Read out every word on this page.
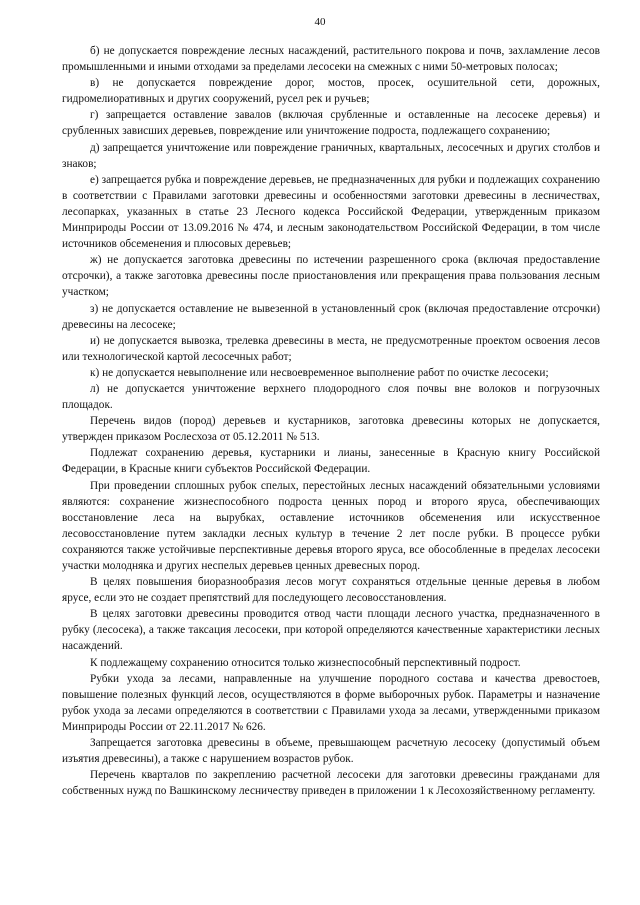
40

б) не допускается повреждение лесных насаждений, растительного покрова и почв, захламление лесов промышленными и иными отходами за пределами лесосеки на смежных с ними 50-метровых полосах;

в) не допускается повреждение дорог, мостов, просек, осушительной сети, дорожных, гидромелиоративных и других сооружений, русел рек и ручьев;

г) запрещается оставление завалов (включая срубленные и оставленные на лесосеке деревья) и срубленных зависших деревьев, повреждение или уничтожение подроста, подлежащего сохранению;

д) запрещается уничтожение или повреждение граничных, квартальных, лесосечных и других столбов и знаков;

е) запрещается рубка и повреждение деревьев, не предназначенных для рубки и подлежащих сохранению в соответствии с Правилами заготовки древесины и особенностями заготовки древесины в лесничествах, лесопарках, указанных в статье 23 Лесного кодекса Российской Федерации, утвержденным приказом Минприроды России от 13.09.2016 № 474, и лесным законодательством Российской Федерации, в том числе источников обсеменения и плюсовых деревьев;

ж) не допускается заготовка древесины по истечении разрешенного срока (включая предоставление отсрочки), а также заготовка древесины после приостановления или прекращения права пользования лесным участком;

з) не допускается оставление не вывезенной в установленный срок (включая предоставление отсрочки) древесины на лесосеке;

и) не допускается вывозка, трелевка древесины в места, не предусмотренные проектом освоения лесов или технологической картой лесосечных работ;

к) не допускается невыполнение или несвоевременное выполнение работ по очистке лесосеки;

л) не допускается уничтожение верхнего плодородного слоя почвы вне волоков и погрузочных площадок.

Перечень видов (пород) деревьев и кустарников, заготовка древесины которых не допускается, утвержден приказом Рослесхоза от 05.12.2011 № 513.

Подлежат сохранению деревья, кустарники и лианы, занесенные в Красную книгу Российской Федерации, в Красные книги субъектов Российской Федерации.

При проведении сплошных рубок спелых, перестойных лесных насаждений обязательными условиями являются: сохранение жизнеспособного подроста ценных пород и второго яруса, обеспечивающих восстановление леса на вырубках, оставление источников обсеменения или искусственное лесовосстановление путем закладки лесных культур в течение 2 лет после рубки. В процессе рубки сохраняются также устойчивые перспективные деревья второго яруса, все обособленные в пределах лесосеки участки молодняка и других неспелых деревьев ценных древесных пород.

В целях повышения биоразнообразия лесов могут сохраняться отдельные ценные деревья в любом ярусе, если это не создает препятствий для последующего лесовосстановления.

В целях заготовки древесины проводится отвод части площади лесного участка, предназначенного в рубку (лесосека), а также таксация лесосеки, при которой определяются качественные характеристики лесных насаждений.

К подлежащему сохранению относится только жизнеспособный перспективный подрост.

Рубки ухода за лесами, направленные на улучшение породного состава и качества древостоев, повышение полезных функций лесов, осуществляются в форме выборочных рубок. Параметры и назначение рубок ухода за лесами определяются в соответствии с Правилами ухода за лесами, утвержденными приказом Минприроды России от 22.11.2017 № 626.

Запрещается заготовка древесины в объеме, превышающем расчетную лесосеку (допустимый объем изъятия древесины), а также с нарушением возрастов рубок.

Перечень кварталов по закреплению расчетной лесосеки для заготовки древесины гражданами для собственных нужд по Вашкинскому лесничеству приведен в приложении 1 к Лесохозяйственному регламенту.
